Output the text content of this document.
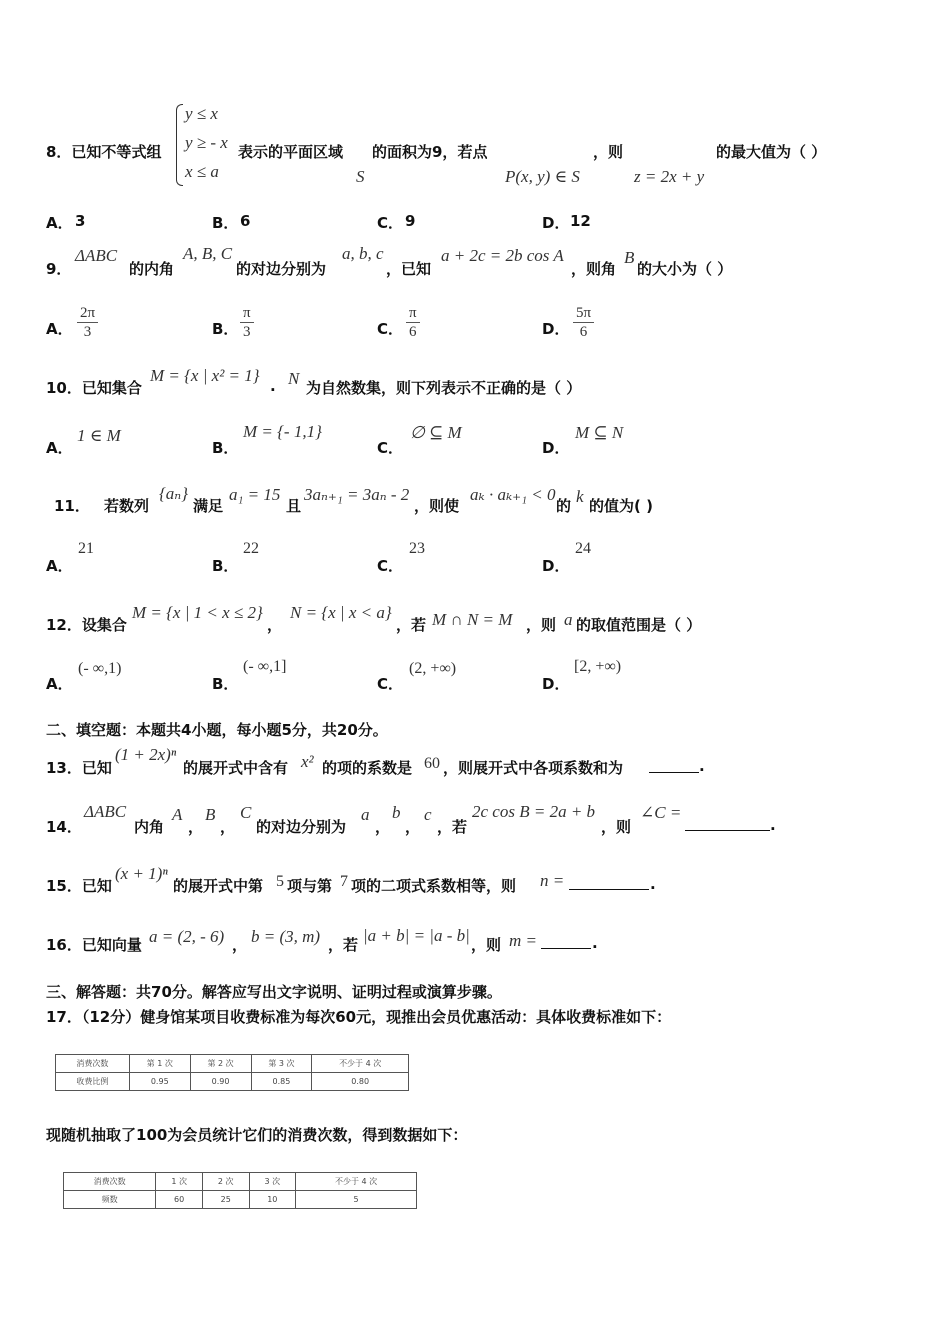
8．已知不等式组
y ≤ x
y ≥ - x
x ≤ a
表示的平面区域
S
的面积为9，若点
P(x, y) ∈ S
，则
z = 2x + y
的最大值为（ ）
A． 3	B． 6	C． 9	D． 12
9．
ΔABC
的内角
A, B, C
的对边分别为
a, b, c
，已知
a + 2c = 2b cos A
，则角
B
的大小为（ ）
A． $\frac{2\pi}{3}$	B． $\frac{\pi}{3}$	C． $\frac{\pi}{6}$	D． $\frac{5\pi}{6}$
10．已知集合
M = {x | x² = 1}
. N 为自然数集，则下列表示不正确的是（ ）
A．
1 ∈ M
B．
M = {- 1,1}
C．
∅ ⊆ M
D．
M ⊆ N
11． 若数列
{aₙ}
满足
a₁ = 15
且
3aₙ₊₁ = 3aₙ - 2
，则使
aₖ · aₖ₊₁ < 0
的 k 的值为( )
A．
21
B．
22
C．
23
D．
24
12．设集合
M = {x | 1 < x ≤ 2}
，
N = {x | x < a}
，若 M ∩ N = M ，则 a 的取值范围是（ ）
A．
(- ∞,1)
B．
(- ∞,1]
C．
(2, +∞)
D．
[2, +∞)
二、填空题：本题共4小题，每小题5分，共20分。
13．已知
(1 + 2x)ⁿ
的展开式中含有 x² 的项的系数是 60 ，则展开式中各项系数和为	.
14．
ΔABC
内角
A
，
B
，
C
的对边分别为
a
，
b
，
c
，若
2c cos B = 2a + b
，则
∠C =
.
15．已知
(x + 1)ⁿ
的展开式中第 5 项与第 7 项的二项式系数相等，则 n =	.
16．已知向量 a = (2, - 6) ， b = (3, m) ，若 |a + b| = |a - b| ，则 m =	.
三、解答题：共70分。解答应写出文字说明、证明过程或演算步骤。
17．（12分）健身馆某项目收费标准为每次60元，现推出会员优惠活动：具体收费标准如下：
消费次数	第 1 次	第 2 次	第 3 次	不少于 4 次
收费比例	0.95	0.90	0.85	0.80
现随机抽取了100为会员统计它们的消费次数，得到数据如下：
消费次数	1 次	2 次	3 次	不少于 4 次
频数	60	25	10	5
